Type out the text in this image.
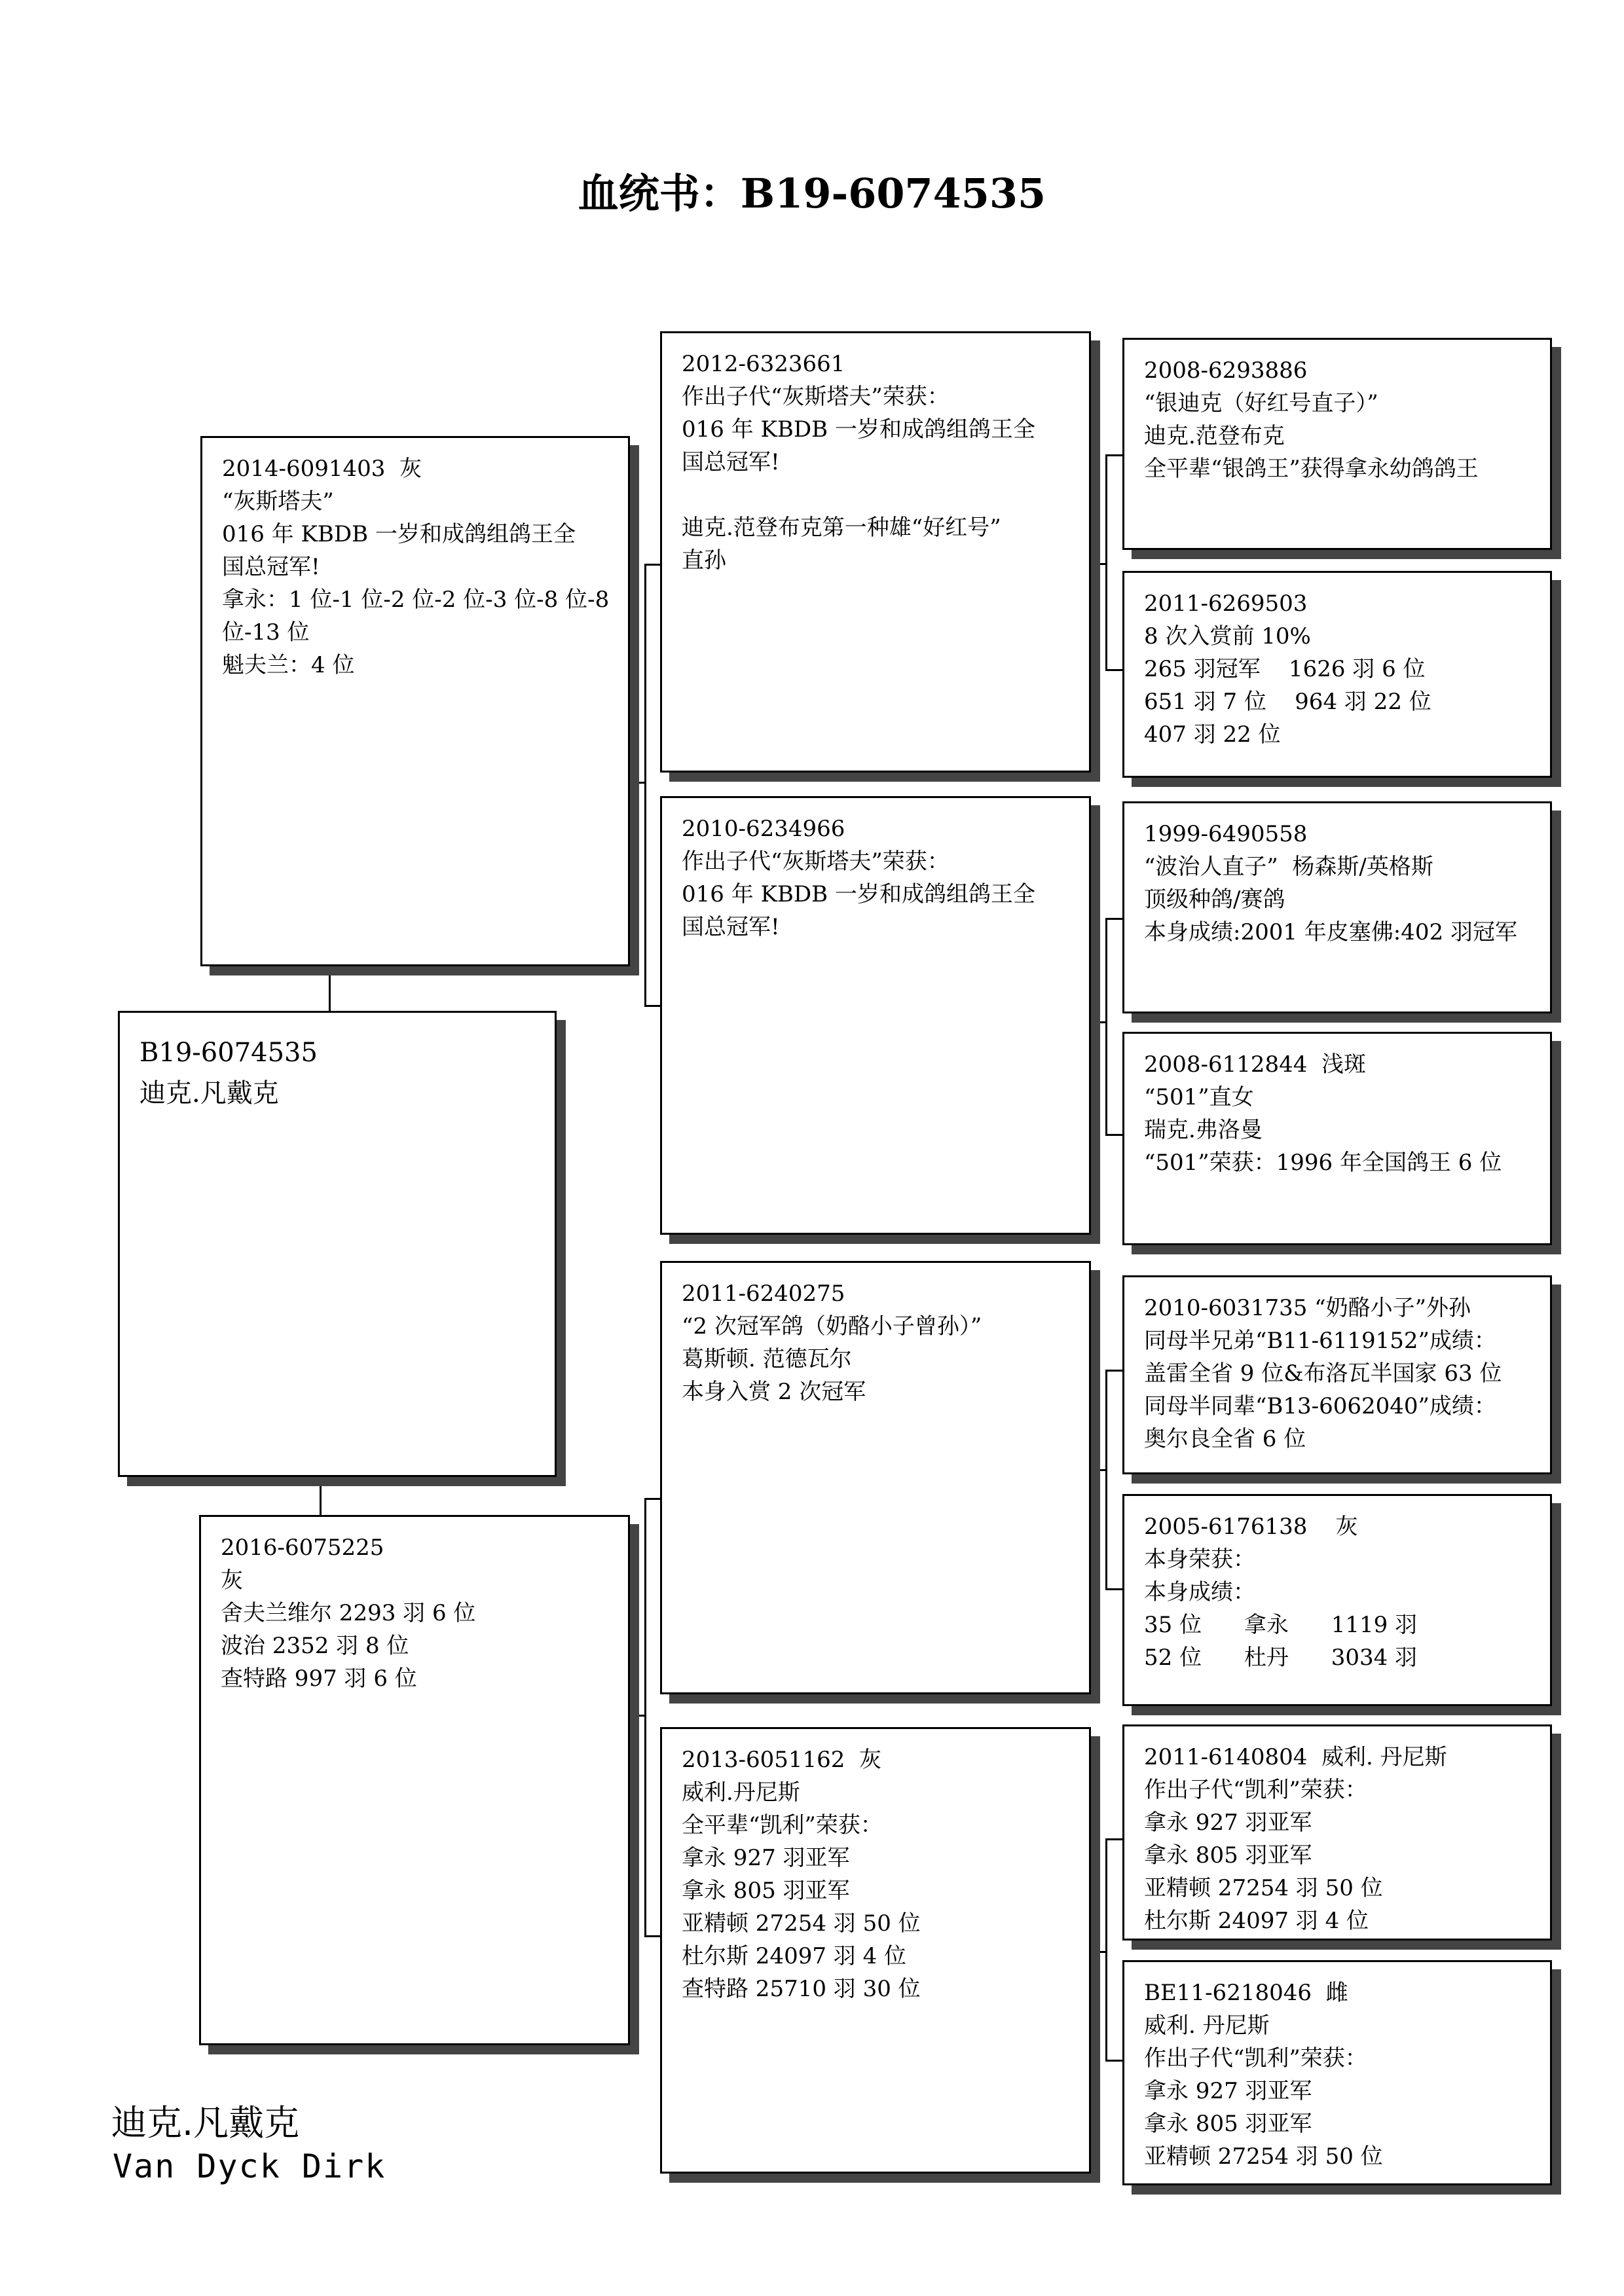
血统书：B19-6074535
B19-6074535
迪克.凡戴克
2014-6091403  灰
“灰斯塔夫”
016 年 KBDB 一岁和成鸽组鸽王全
国总冠军!
拿永：1 位-1 位-2 位-2 位-3 位-8 位-8
位-13 位
魁夫兰：4 位
2016-6075225
灰
舍夫兰维尔 2293 羽 6 位
波治 2352 羽 8 位
查特路 997 羽 6 位
2012-6323661
作出子代“灰斯塔夫”荣获：
016 年 KBDB 一岁和成鸽组鸽王全
国总冠军!
迪克.范登布克第一种雄“好红号”
直孙
2010-6234966
作出子代“灰斯塔夫”荣获：
016 年 KBDB 一岁和成鸽组鸽王全
国总冠军!
2011-6240275
“2 次冠军鸽（奶酪小子曾孙）”
葛斯顿. 范德瓦尔
本身入赏 2 次冠军
2013-6051162  灰
威利.丹尼斯
全平辈“凯利”荣获：
拿永 927 羽亚军
拿永 805 羽亚军
亚精顿 27254 羽 50 位
杜尔斯 24097 羽 4 位
查特路 25710 羽 30 位
2008-6293886
“银迪克（好红号直子）”
迪克.范登布克
全平辈“银鸽王”获得拿永幼鸽鸽王
2011-6269503
8 次入赏前 10%
265 羽冠军    1626 羽 6 位
651 羽 7 位    964 羽 22 位
407 羽 22 位
1999-6490558
“波治人直子”  杨森斯/英格斯
顶级种鸽/赛鸽
本身成绩:2001 年皮塞佛:402 羽冠军
2008-6112844  浅斑
“501”直女
瑞克.弗洛曼
“501”荣获：1996 年全国鸽王 6 位
2010-6031735 “奶酪小子”外孙
同母半兄弟“B11-6119152”成绩：
盖雷全省 9 位&布洛瓦半国家 63 位
同母半同辈“B13-6062040”成绩：
奥尔良全省 6 位
2005-6176138    灰
本身荣获：
本身成绩：
35 位      拿永      1119 羽
52 位      杜丹      3034 羽
2011-6140804  威利. 丹尼斯
作出子代“凯利”荣获：
拿永 927 羽亚军
拿永 805 羽亚军
亚精顿 27254 羽 50 位
杜尔斯 24097 羽 4 位
BE11-6218046  雌
威利. 丹尼斯
作出子代“凯利”荣获：
拿永 927 羽亚军
拿永 805 羽亚军
亚精顿 27254 羽 50 位
迪克.凡戴克
Van Dyck Dirk
